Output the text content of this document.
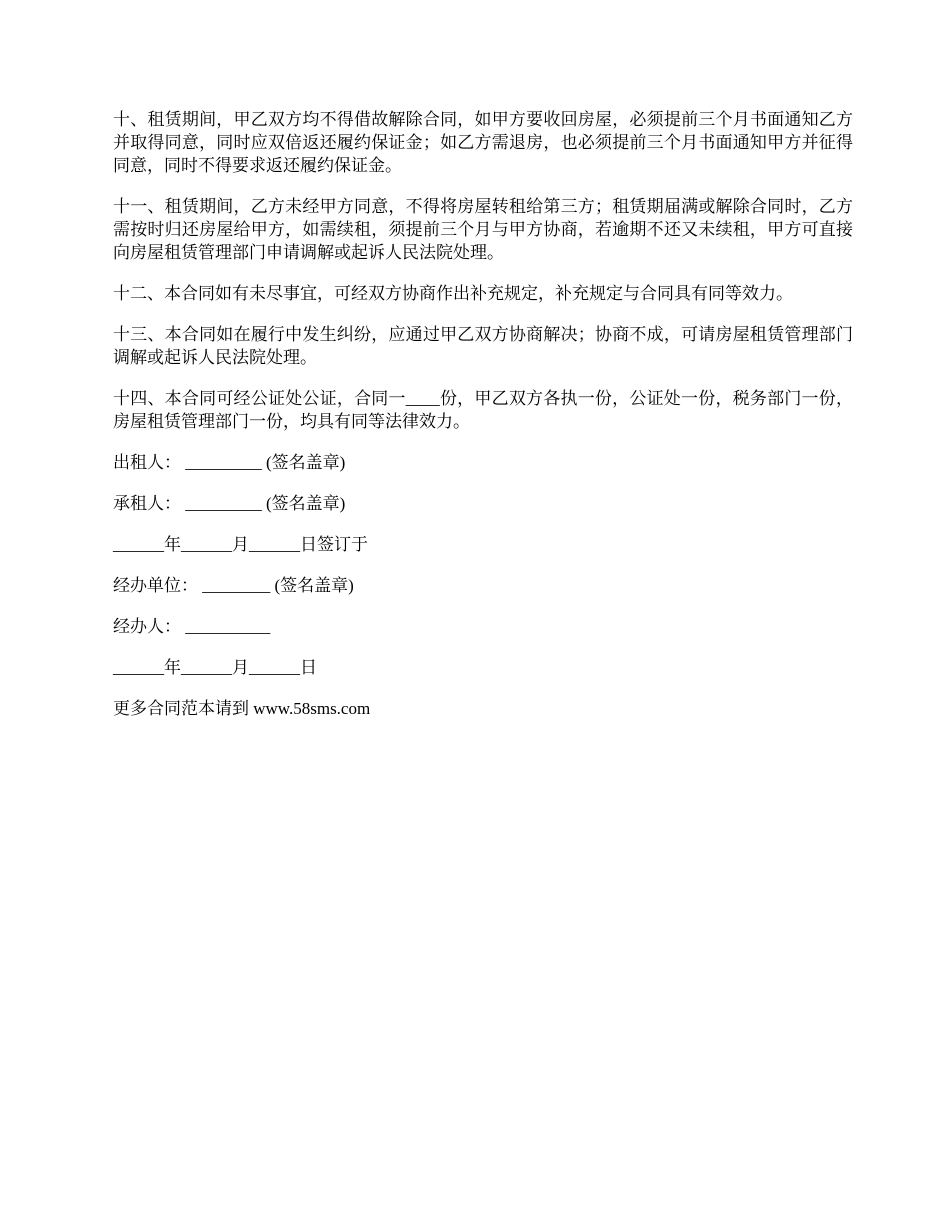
十、租赁期间，甲乙双方均不得借故解除合同，如甲方要收回房屋，必须提前三个月书面通知乙方并取得同意，同时应双倍返还履约保证金；如乙方需退房，也必须提前三个月书面通知甲方并征得同意，同时不得要求返还履约保证金。

十一、租赁期间，乙方未经甲方同意，不得将房屋转租给第三方；租赁期届满或解除合同时，乙方需按时归还房屋给甲方，如需续租，须提前三个月与甲方协商，若逾期不还又未续租，甲方可直接向房屋租赁管理部门申请调解或起诉人民法院处理。

十二、本合同如有未尽事宜，可经双方协商作出补充规定，补充规定与合同具有同等效力。

十三、本合同如在履行中发生纠纷，应通过甲乙双方协商解决；协商不成，可请房屋租赁管理部门调解或起诉人民法院处理。

十四、本合同可经公证处公证，合同一____份，甲乙双方各执一份，公证处一份，税务部门一份，房屋租赁管理部门一份，均具有同等法律效力。

出租人： _________ (签名盖章)

承租人： _________ (签名盖章)

______年______月______日签订于

经办单位： ________ (签名盖章)

经办人： __________

______年______月______日

更多合同范本请到 www.58sms.com
